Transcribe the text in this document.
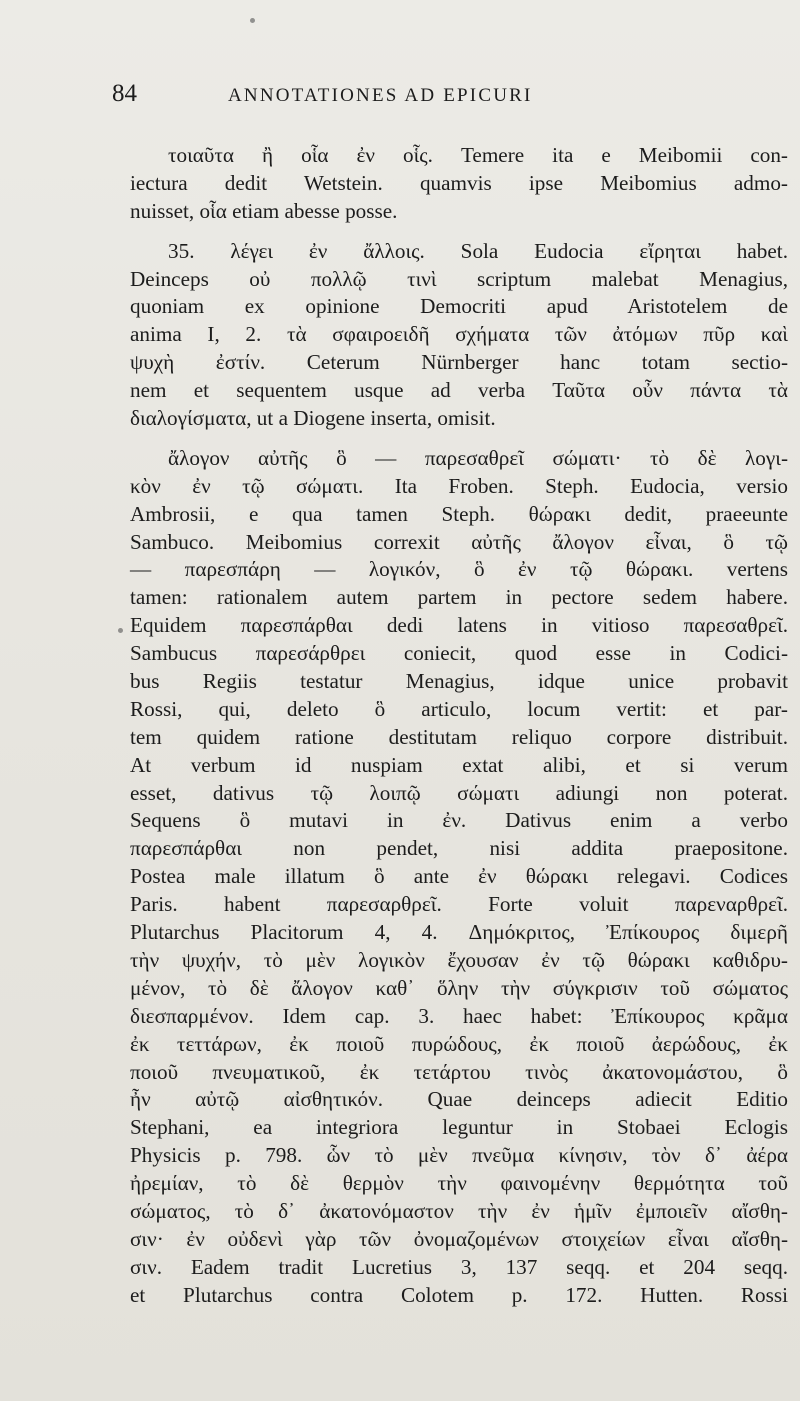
84	ANNOTATIONES AD EPICURI
τοιαῦτα ἢ οἷα ἐν οἷς. Temere ita e Meibomii con-
iectura dedit Wetstein. quamvis ipse Meibomius admo-
nuisset, οἷα etiam abesse posse.
35. λέγει ἐν ἄλλοις. Sola Eudocia εἴρηται habet.
Deinceps οὐ πολλῷ τινὶ scriptum malebat Menagius,
quoniam ex opinione Democriti apud Aristotelem de
anima I, 2. τὰ σφαιροειδῆ σχήματα τῶν ἀτόμων πῦρ καὶ
ψυχὴ ἐστίν. Ceterum Nürnberger hanc totam sectio-
nem et sequentem usque ad verba Ταῦτα οὖν πάντα τὰ
διαλογίσματα, ut a Diogene inserta, omisit.
ἄλογον αὐτῆς ὃ — παρεσαθρεῖ σώματι· τὸ δὲ λογι-
κὸν ἐν τῷ σώματι. Ita Froben. Steph. Eudocia, versio
Ambrosii, e qua tamen Steph. θώρακι dedit, praeeunte
Sambuco. Meibomius correxit αὐτῆς ἄλογον εἶναι, ὃ τῷ
— παρεσπάρη — λογικόν, ὃ ἐν τῷ θώρακι. vertens
tamen: rationalem autem partem in pectore sedem habere.
Equidem παρεσπάρθαι dedi latens in vitioso παρεσαθρεῖ.
Sambucus παρεσάρθρει coniecit, quod esse in Codici-
bus Regiis testatur Menagius, idque unice probavit
Rossi, qui, deleto ὃ articulo, locum vertit: et par-
tem quidem ratione destitutam reliquo corpore distribuit.
At verbum id nuspiam extat alibi, et si verum
esset, dativus τῷ λοιπῷ σώματι adiungi non poterat.
Sequens ὃ mutavi in ἐν. Dativus enim a verbo
παρεσπάρθαι non pendet, nisi addita praepositone.
Postea male illatum ὃ ante ἐν θώρακι relegavi. Codices
Paris. habent παρεσαρθρεῖ. Forte voluit παρεναρθρεῖ.
Plutarchus Placitorum 4, 4. Δημόκριτος, Ἐπίκουρος διμερῆ
τὴν ψυχήν, τὸ μὲν λογικὸν ἔχουσαν ἐν τῷ θώρακι καθιδρυ-
μένον, τὸ δὲ ἄλογον καθ᾽ ὅλην τὴν σύγκρισιν τοῦ σώματος
διεσπαρμένον. Idem cap. 3. haec habet: Ἐπίκουρος κρᾶμα
ἐκ τεττάρων, ἐκ ποιοῦ πυρώδους, ἐκ ποιοῦ ἀερώδους, ἐκ
ποιοῦ πνευματικοῦ, ἐκ τετάρτου τινὸς ἀκατονομάστου, ὃ
ἦν αὐτῷ αἰσθητικόν. Quae deinceps adiecit Editio
Stephani, ea integriora leguntur in Stobaei Eclogis
Physicis p. 798. ὧν τὸ μὲν πνεῦμα κίνησιν, τὸν δ᾽ ἀέρα
ἠρεμίαν, τὸ δὲ θερμὸν τὴν φαινομένην θερμότητα τοῦ
σώματος, τὸ δ᾽ ἀκατονόμαστον τὴν ἐν ἡμῖν ἐμποιεῖν αἴσθη-
σιν· ἐν οὐδενὶ γὰρ τῶν ὀνομαζομένων στοιχείων εἶναι αἴσθη-
σιν. Eadem tradit Lucretius 3, 137 seqq. et 204 seqq.
et Plutarchus contra Colotem p. 172. Hutten. Rossi
